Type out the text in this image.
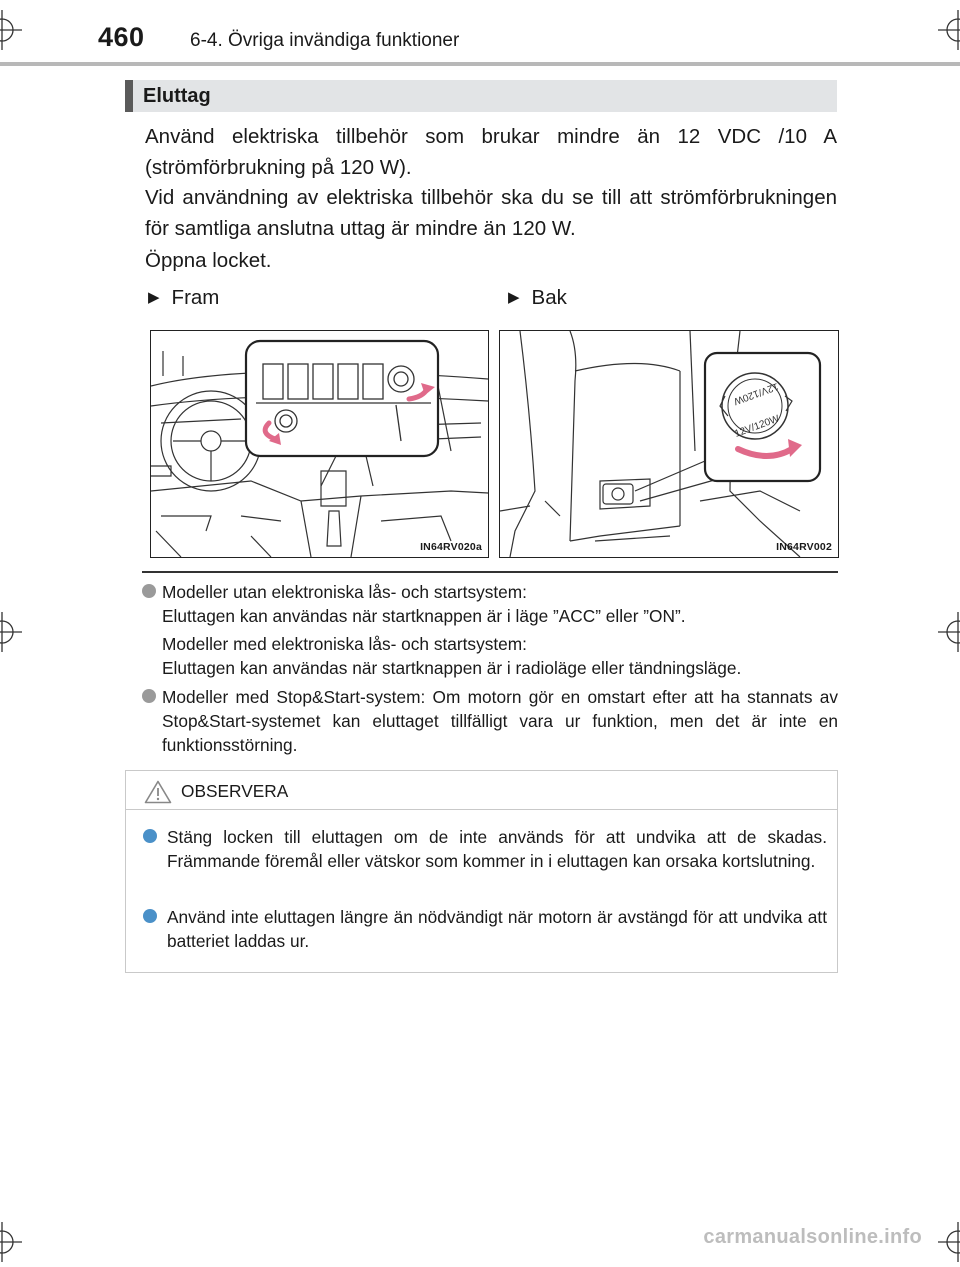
460 6-4. Övriga invändiga funktioner
Eluttag
Använd elektriska tillbehör som brukar mindre än 12 VDC /10 A (strömförbrukning på 120 W).
Vid användning av elektriska tillbehör ska du se till att strömförbrukningen för samtliga anslutna uttag är mindre än 120 W.
Öppna locket.
▶ Fram	▶ Bak
IN64RV020a
12V/120W
12V/120W
IN64RV002
Modeller utan elektroniska lås- och startsystem:
Eluttagen kan användas när startknappen är i läge ”ACC” eller ”ON”.
Modeller med elektroniska lås- och startsystem:
Eluttagen kan användas när startknappen är i radioläge eller tändningsläge.
Modeller med Stop&Start-system: Om motorn gör en omstart efter att ha stannats av Stop&Start-systemet kan eluttaget tillfälligt vara ur funktion, men det är inte en funktionsstörning.
OBSERVERA
Stäng locken till eluttagen om de inte används för att undvika att de skadas. Främmande föremål eller vätskor som kommer in i eluttagen kan orsaka kortslutning.
Använd inte eluttagen längre än nödvändigt när motorn är avstängd för att undvika att batteriet laddas ur.
carmanualsonline.info
